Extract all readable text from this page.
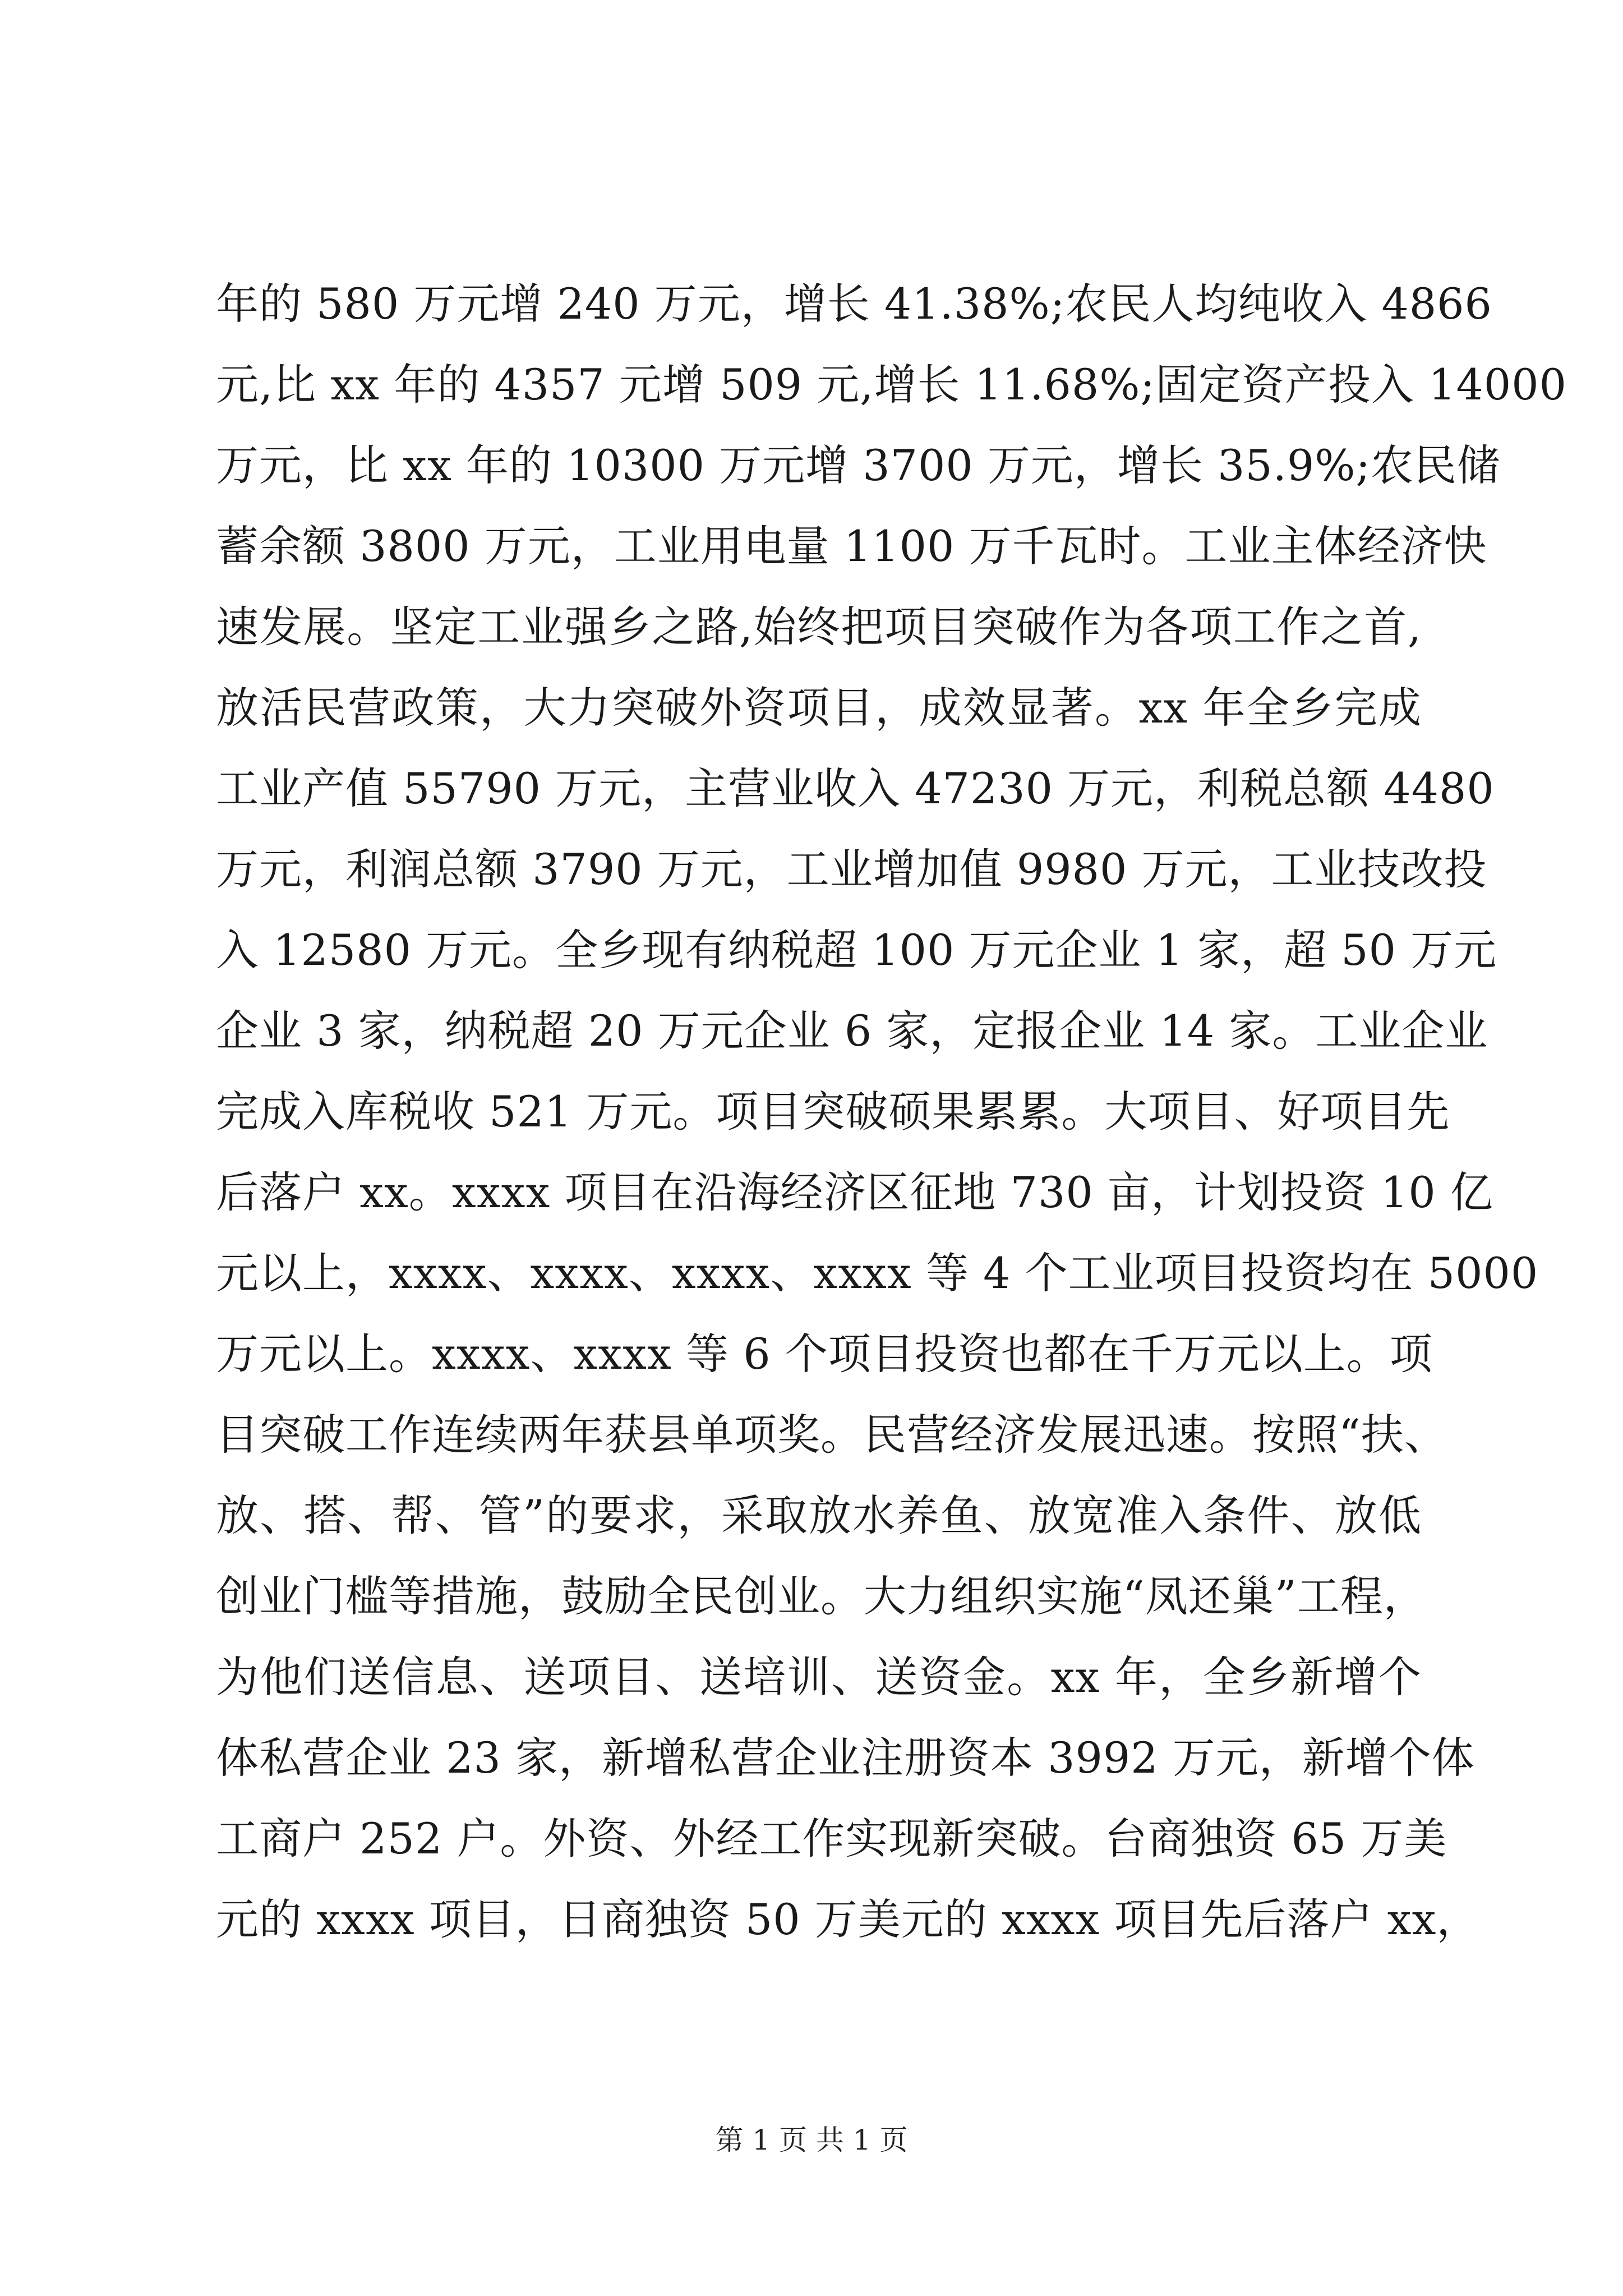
年的 580 万元增 240 万元，增长 41.38%;农民人均纯收入 4866
元,比 xx 年的 4357 元增 509 元,增长 11.68%;固定资产投入 14000
万元，比 xx 年的 10300 万元增 3700 万元，增长 35.9%;农民储
蓄余额 3800 万元，工业用电量 1100 万千瓦时。工业主体经济快
速发展。坚定工业强乡之路,始终把项目突破作为各项工作之首,
放活民营政策，大力突破外资项目，成效显著。xx 年全乡完成
工业产值 55790 万元，主营业收入 47230 万元，利税总额 4480
万元，利润总额 3790 万元，工业增加值 9980 万元，工业技改投
入 12580 万元。全乡现有纳税超 100 万元企业 1 家，超 50 万元
企业 3 家，纳税超 20 万元企业 6 家，定报企业 14 家。工业企业
完成入库税收 521 万元。项目突破硕果累累。大项目、好项目先
后落户 xx。xxxx 项目在沿海经济区征地 730 亩，计划投资 10 亿
元以上，xxxx、xxxx、xxxx、xxxx 等 4 个工业项目投资均在 5000
万元以上。xxxx、xxxx 等 6 个项目投资也都在千万元以上。项
目突破工作连续两年获县单项奖。民营经济发展迅速。按照“扶、
放、搭、帮、管”的要求，采取放水养鱼、放宽准入条件、放低
创业门槛等措施，鼓励全民创业。大力组织实施“凤还巢”工程，
为他们送信息、送项目、送培训、送资金。xx 年，全乡新增个
体私营企业 23 家，新增私营企业注册资本 3992 万元，新增个体
工商户 252 户。外资、外经工作实现新突破。台商独资 65 万美
元的 xxxx 项目，日商独资 50 万美元的 xxxx 项目先后落户 xx，
第 1 页 共 1 页
